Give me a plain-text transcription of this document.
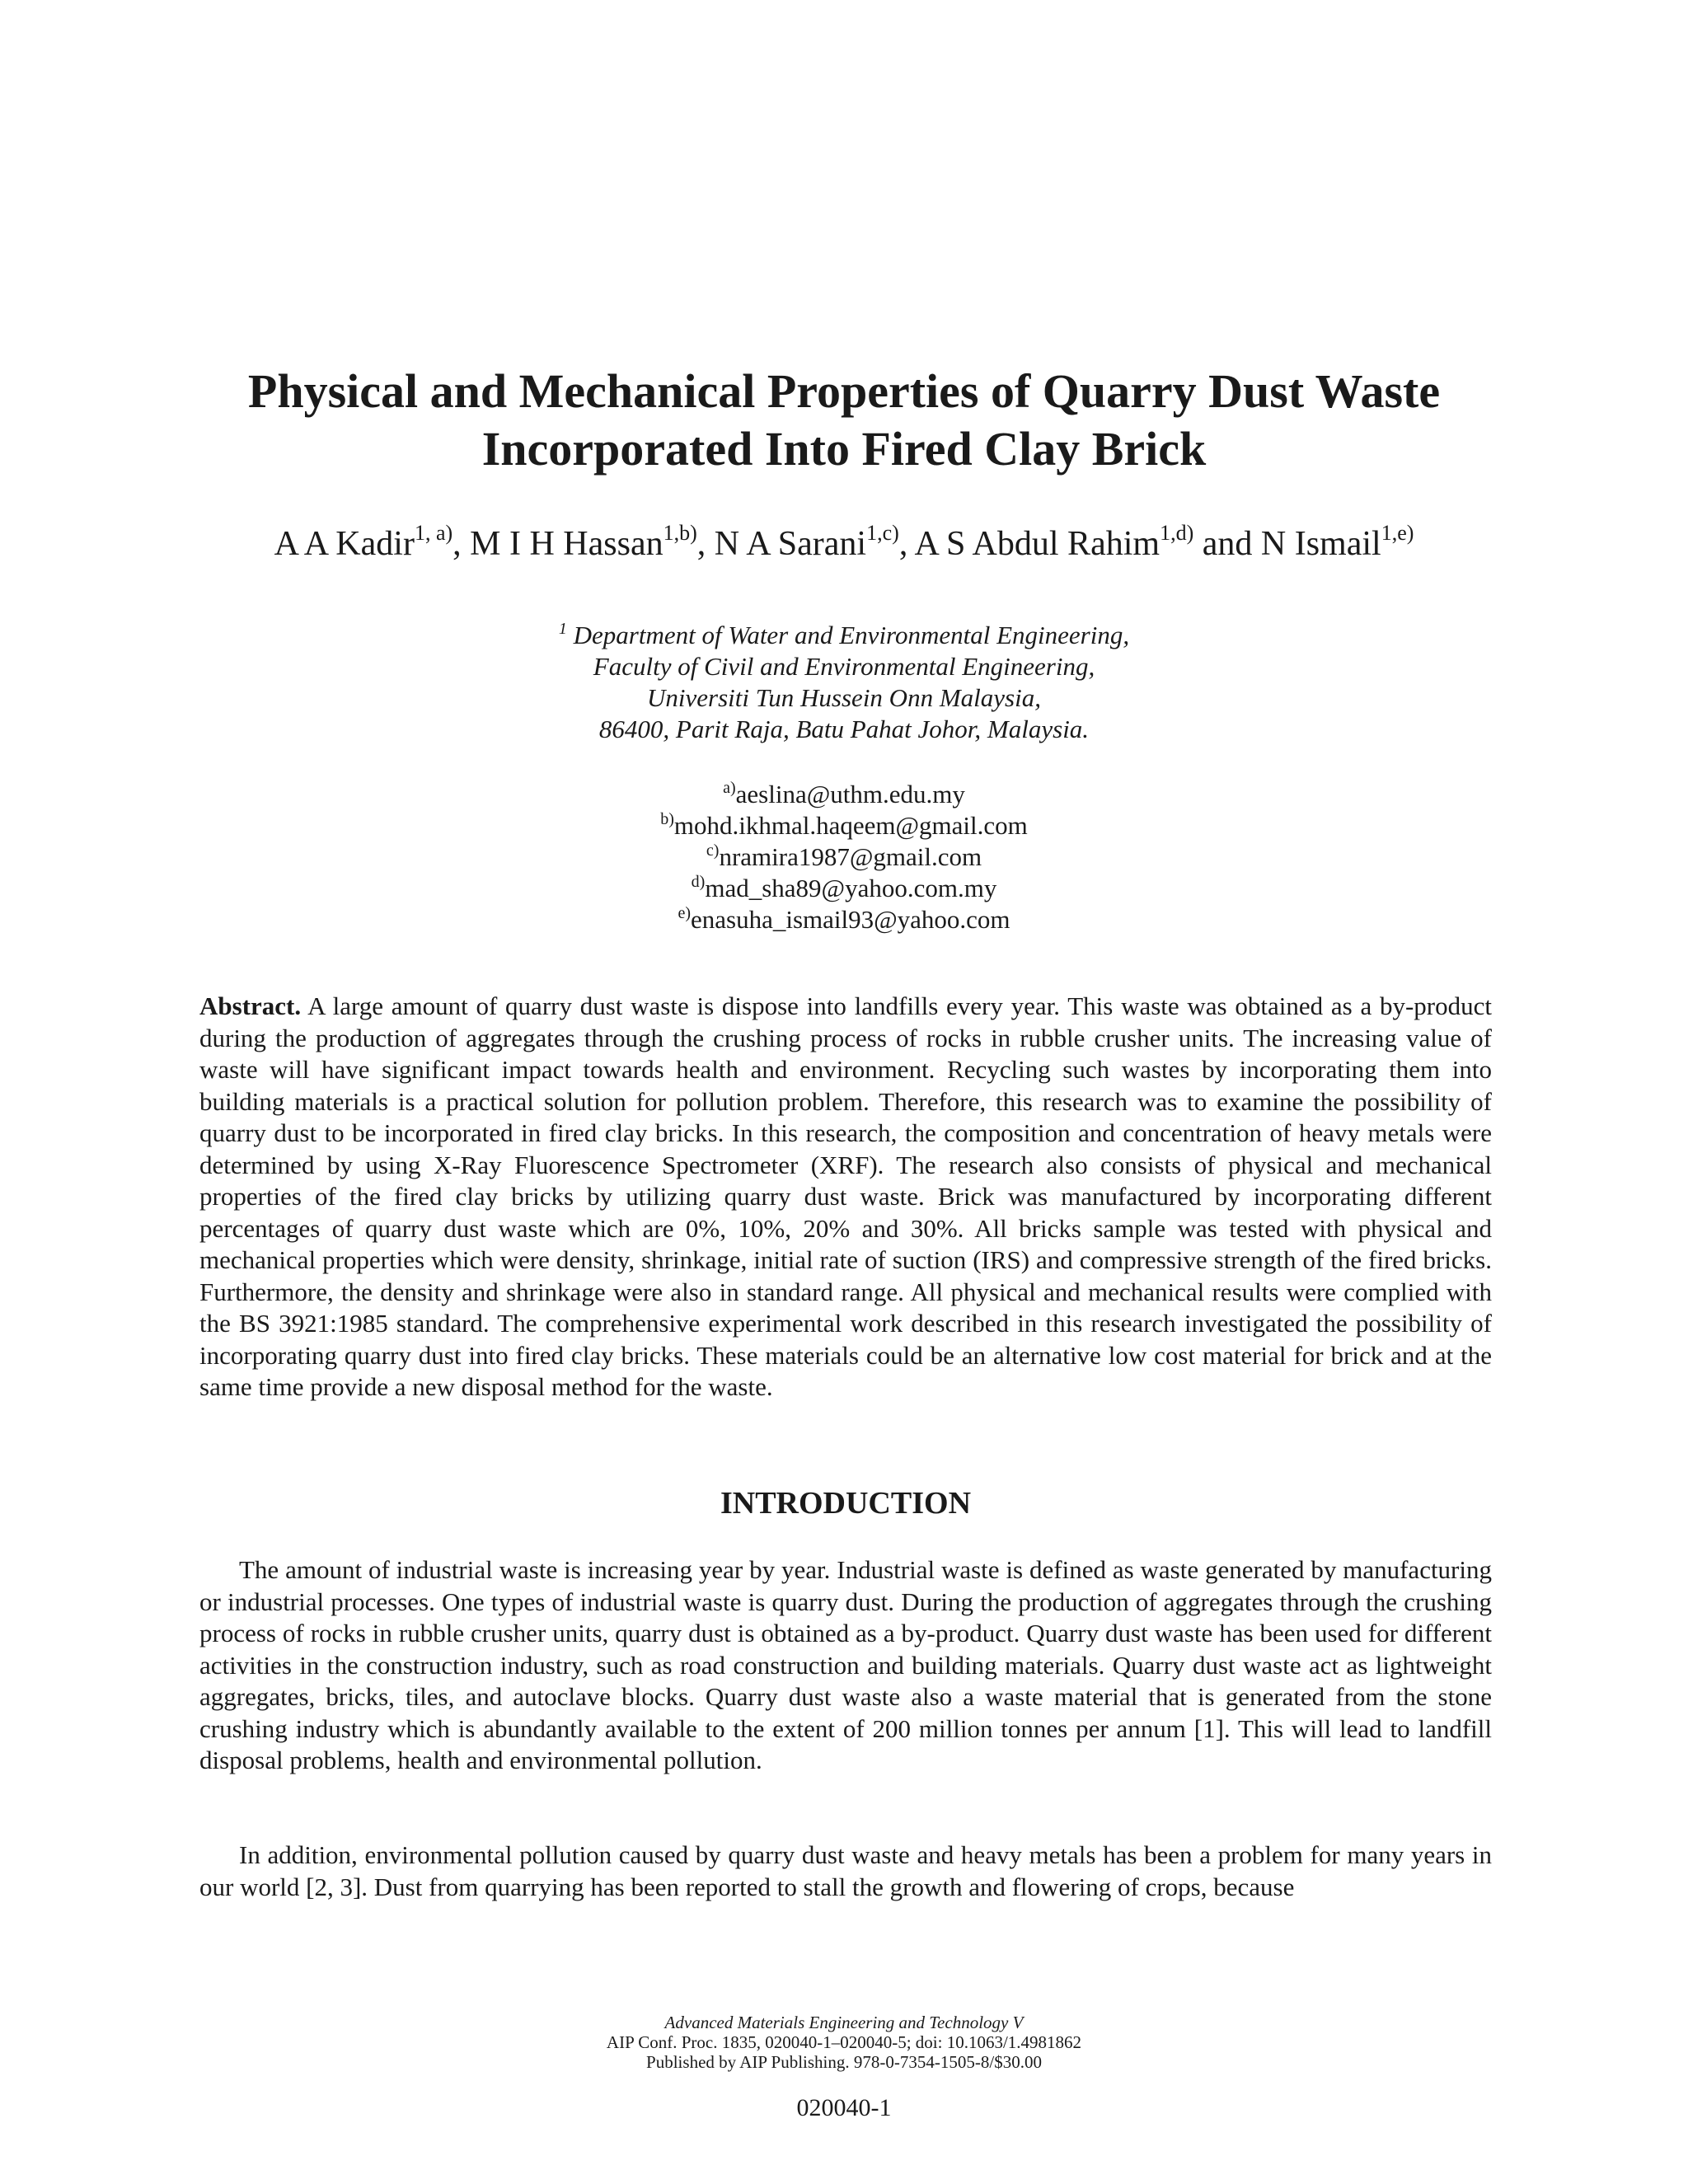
Physical and Mechanical Properties of Quarry Dust Waste
Incorporated Into Fired Clay Brick
A A Kadir$^{1, a)}$, M I H Hassan$^{1,b)}$, N A Sarani$^{1,c)}$, A S Abdul Rahim$^{1,d)}$ and N Ismail$^{1,e)}$
$^1$ Department of Water and Environmental Engineering,
Faculty of Civil and Environmental Engineering,
Universiti Tun Hussein Onn Malaysia,
86400, Parit Raja, Batu Pahat Johor, Malaysia.
$^{a)}$aeslina@uthm.edu.my
$^{b)}$mohd.ikhmal.haqeem@gmail.com
$^{c)}$nramira1987@gmail.com
$^{d)}$mad_sha89@yahoo.com.my
$^{e)}$enasuha_ismail93@yahoo.com

Abstract. A large amount of quarry dust waste is dispose into landfills every year. This waste was obtained as a by-product during the production of aggregates through the crushing process of rocks in rubble crusher units. The increasing value of waste will have significant impact towards health and environment. Recycling such wastes by incorporating them into building materials is a practical solution for pollution problem. Therefore, this research was to examine the possibility of quarry dust to be incorporated in fired clay bricks. In this research, the composition and concentration of heavy metals were determined by using X-Ray Fluorescence Spectrometer (XRF). The research also consists of physical and mechanical properties of the fired clay bricks by utilizing quarry dust waste. Brick was manufactured by incorporating different percentages of quarry dust waste which are 0%, 10%, 20% and 30%. All bricks sample was tested with physical and mechanical properties which were density, shrinkage, initial rate of suction (IRS) and compressive strength of the fired bricks. Furthermore, the density and shrinkage were also in standard range. All physical and mechanical results were complied with the BS 3921:1985 standard. The comprehensive experimental work described in this research investigated the possibility of incorporating quarry dust into fired clay bricks. These materials could be an alternative low cost material for brick and at the same time provide a new disposal method for the waste.

INTRODUCTION

The amount of industrial waste is increasing year by year. Industrial waste is defined as waste generated by manufacturing or industrial processes. One types of industrial waste is quarry dust. During the production of aggregates through the crushing process of rocks in rubble crusher units, quarry dust is obtained as a by-product. Quarry dust waste has been used for different activities in the construction industry, such as road construction and building materials. Quarry dust waste act as lightweight aggregates, bricks, tiles, and autoclave blocks. Quarry dust waste also a waste material that is generated from the stone crushing industry which is abundantly available to the extent of 200 million tonnes per annum [1]. This will lead to landfill disposal problems, health and environmental pollution.

In addition, environmental pollution caused by quarry dust waste and heavy metals has been a problem for many years in our world [2, 3]. Dust from quarrying has been reported to stall the growth and flowering of crops, because

Advanced Materials Engineering and Technology V
AIP Conf. Proc. 1835, 020040-1–020040-5; doi: 10.1063/1.4981862
Published by AIP Publishing. 978-0-7354-1505-8/$30.00
020040-1
